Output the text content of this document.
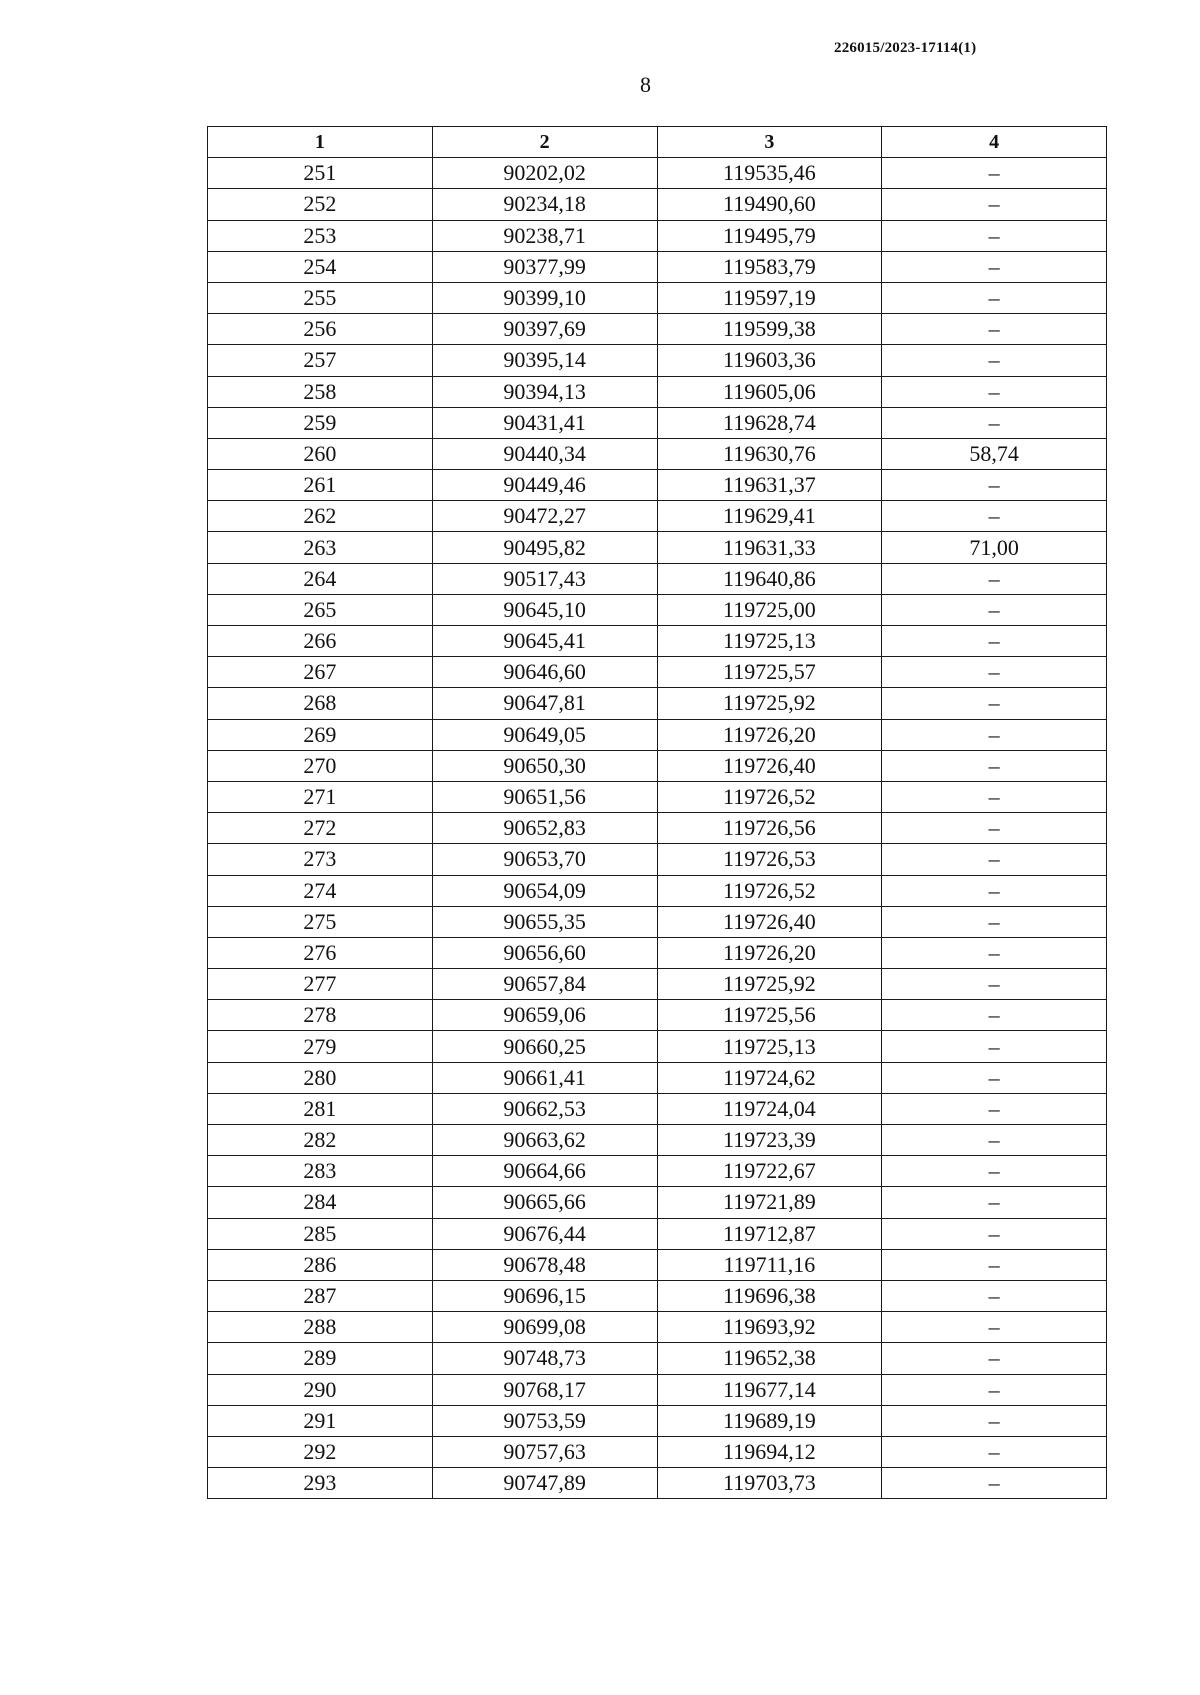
226015/2023-17114(1)
8
1	2	3	4
251	90202,02	119535,46	–
252	90234,18	119490,60	–
253	90238,71	119495,79	–
254	90377,99	119583,79	–
255	90399,10	119597,19	–
256	90397,69	119599,38	–
257	90395,14	119603,36	–
258	90394,13	119605,06	–
259	90431,41	119628,74	–
260	90440,34	119630,76	58,74
261	90449,46	119631,37	–
262	90472,27	119629,41	–
263	90495,82	119631,33	71,00
264	90517,43	119640,86	–
265	90645,10	119725,00	–
266	90645,41	119725,13	–
267	90646,60	119725,57	–
268	90647,81	119725,92	–
269	90649,05	119726,20	–
270	90650,30	119726,40	–
271	90651,56	119726,52	–
272	90652,83	119726,56	–
273	90653,70	119726,53	–
274	90654,09	119726,52	–
275	90655,35	119726,40	–
276	90656,60	119726,20	–
277	90657,84	119725,92	–
278	90659,06	119725,56	–
279	90660,25	119725,13	–
280	90661,41	119724,62	–
281	90662,53	119724,04	–
282	90663,62	119723,39	–
283	90664,66	119722,67	–
284	90665,66	119721,89	–
285	90676,44	119712,87	–
286	90678,48	119711,16	–
287	90696,15	119696,38	–
288	90699,08	119693,92	–
289	90748,73	119652,38	–
290	90768,17	119677,14	–
291	90753,59	119689,19	–
292	90757,63	119694,12	–
293	90747,89	119703,73	–
